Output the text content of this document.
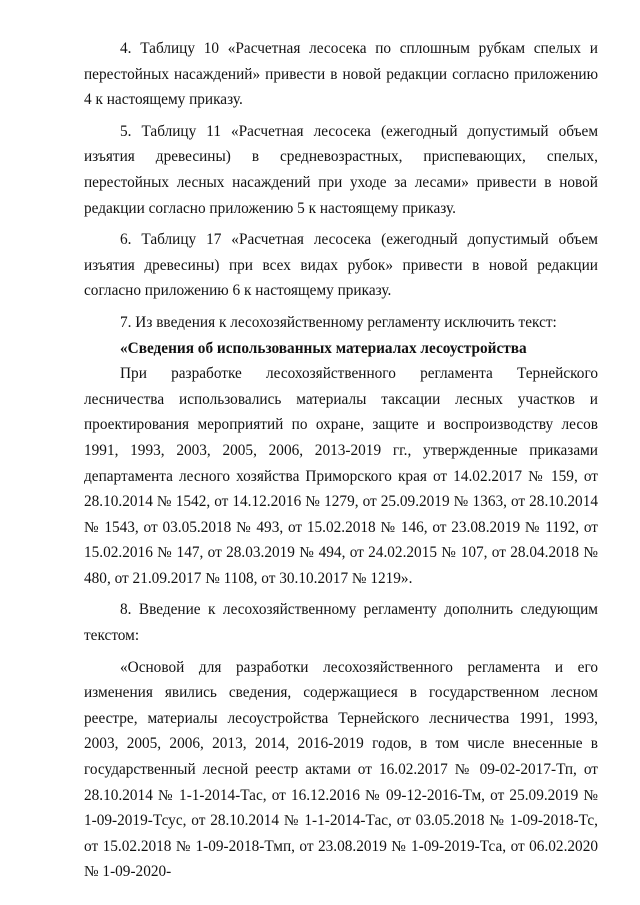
4. Таблицу 10 «Расчетная лесосека по сплошным рубкам спелых и перестойных насаждений» привести в новой редакции согласно приложению 4 к настоящему приказу.

5. Таблицу 11 «Расчетная лесосека (ежегодный допустимый объем изъятия древесины) в средневозрастных, приспевающих, спелых, перестойных лесных насаждений при уходе за лесами» привести в новой редакции согласно приложению 5 к настоящему приказу.

6. Таблицу 17 «Расчетная лесосека (ежегодный допустимый объем изъятия древесины) при всех видах рубок» привести в новой редакции согласно приложению 6 к настоящему приказу.

7. Из введения к лесохозяйственному регламенту исключить текст:

«Сведения об использованных материалах лесоустройства

При разработке лесохозяйственного регламента Тернейского лесничества использовались материалы таксации лесных участков и проектирования мероприятий по охране, защите и воспроизводству лесов 1991, 1993, 2003, 2005, 2006, 2013-2019 гг., утвержденные приказами департамента лесного хозяйства Приморского края от 14.02.2017 № 159, от 28.10.2014 № 1542, от 14.12.2016 № 1279, от 25.09.2019 № 1363, от 28.10.2014 № 1543, от 03.05.2018 № 493, от 15.02.2018 № 146, от 23.08.2019 № 1192, от 15.02.2016 № 147, от 28.03.2019 № 494, от 24.02.2015 № 107, от 28.04.2018 № 480, от 21.09.2017 № 1108, от 30.10.2017 № 1219».

8. Введение к лесохозяйственному регламенту дополнить следующим текстом:

«Основой для разработки лесохозяйственного регламента и его изменения явились сведения, содержащиеся в государственном лесном реестре, материалы лесоустройства Тернейского лесничества 1991, 1993, 2003, 2005, 2006, 2013, 2014, 2016-2019 годов, в том числе внесенные в государственный лесной реестр актами от 16.02.2017 № 09-02-2017-Тп, от 28.10.2014 № 1-1-2014-Тас, от 16.12.2016 № 09-12-2016-Тм, от 25.09.2019 № 1-09-2019-Тсус, от 28.10.2014 № 1-1-2014-Тас, от 03.05.2018 № 1-09-2018-Тс, от 15.02.2018 № 1-09-2018-Тмп, от 23.08.2019 № 1-09-2019-Тса, от 06.02.2020 № 1-09-2020-
